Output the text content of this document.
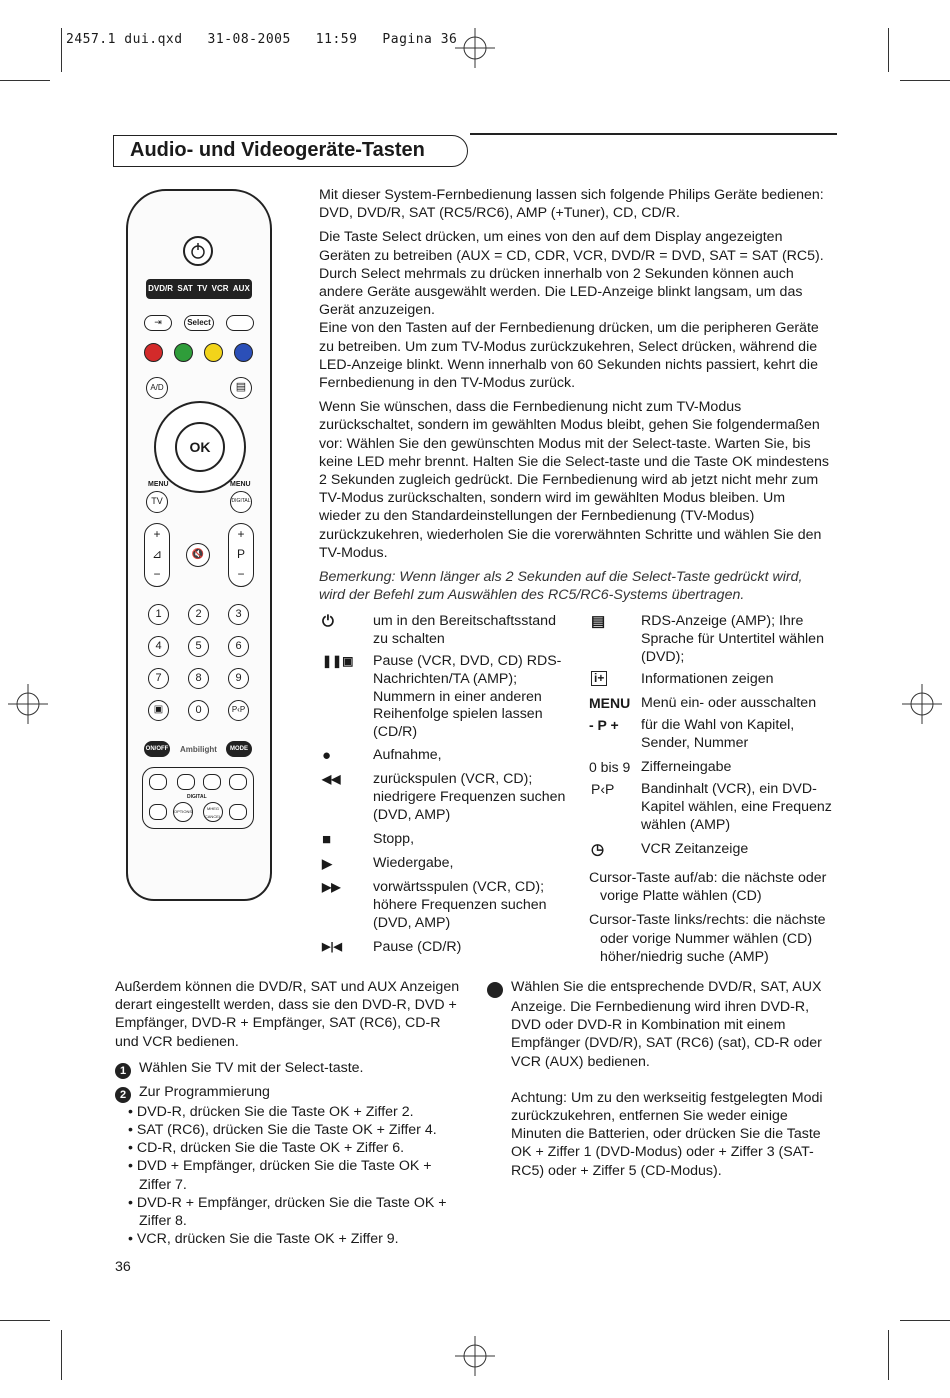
2457.1 dui.qxd   31-08-2005   11:59   Pagina 36
Audio- und Videogeräte-Tasten
DVD/R SAT TV VCR AUX
⇥	Select
A/D	▤
OK
MENU	MENU
TV	DIGITAL
+
⊿
−
🔇
+
P
−
1	2	3
4	5	6
7	8	9
▣	0	P‹P
ON/OFF Ambilight	MODE
DIGITAL
OPTIONS
MHEG CANCEL

Mit dieser System-Fernbedienung lassen sich folgende Philips Geräte bedienen: DVD, DVD/R, SAT (RC5/RC6), AMP (+Tuner), CD, CD/R.

Die Taste Select drücken, um eines von den auf dem Display angezeigten Geräten zu betreiben (AUX = CD, CDR, VCR, DVD/R = DVD, SAT = SAT (RC5). Durch Select mehrmals zu drücken innerhalb von 2 Sekunden können auch andere Geräte ausgewählt werden. Die LED-Anzeige blinkt langsam, um das Gerät anzuzeigen.

Eine von den Tasten auf der Fernbedienung drücken, um die peripheren Geräte zu betreiben. Um zum TV-Modus zurückzukehren, Select drücken, während die LED-Anzeige blinkt. Wenn innerhalb von 60 Sekunden nichts passiert, kehrt die Fernbedienung in den TV-Modus zurück.

Wenn Sie wünschen, dass die Fernbedienung nicht zum TV-Modus zurückschaltet, sondern im gewählten Modus bleibt, gehen Sie folgendermaßen vor: Wählen Sie den gewünschten Modus mit der Select-taste. Warten Sie, bis keine LED mehr brennt. Halten Sie die Select-taste und die Taste OK mindestens 2 Sekunden zugleich gedrückt. Die Fernbedienung wird ab jetzt nicht mehr zum TV-Modus zurückschalten, sondern wird im gewählten Modus bleiben. Um wieder zu den Standardeinstellungen der Fernbedienung (TV-Modus) zurückzukehren, wiederholen Sie die vorerwähnten Schritte und wählen Sie den TV-Modus.

Bemerkung: Wenn länger als 2 Sekunden auf die Select-Taste gedrückt wird, wird der Befehl zum Auswählen des RC5/RC6-Systems übertragen.

⏻	um in den Bereitschaftsstand zu schalten
❚❚▣ Pause (VCR, DVD, CD) RDS-Nachrichten/TA (AMP); Nummern in einer anderen Reihenfolge spielen lassen (CD/R)
●	Aufnahme,
◀◀ zurückspulen (VCR, CD); niedrigere Frequenzen suchen (DVD, AMP)
■	Stopp,
▶	Wiedergabe,
▶▶ vorwärtsspulen (VCR, CD); höhere Frequenzen suchen (DVD, AMP)
▶|◀ Pause (CD/R)
▤	RDS-Anzeige (AMP); Ihre Sprache für Untertitel wählen (DVD);
i+	Informationen zeigen
MENU Menü ein- oder ausschalten
- P + für die Wahl von Kapitel, Sender, Nummer
0 bis 9 Zifferneingabe
P‹P Bandinhalt (VCR), ein DVD-Kapitel wählen, eine Frequenz wählen (AMP)
◷	VCR Zeitanzeige

Cursor-Taste auf/ab: die nächste oder vorige Platte wählen (CD)

Cursor-Taste links/rechts: die nächste oder vorige Nummer wählen (CD) höher/niedrig suche (AMP)

Außerdem können die DVD/R, SAT und AUX Anzeigen derart eingestellt werden, dass sie den DVD-R, DVD + Empfänger, DVD-R + Empfänger, SAT (RC6), CD-R und VCR bedienen.

1 Wählen Sie TV mit der Select-taste.

2 Zur Programmierung

• DVD-R, drücken Sie die Taste OK + Ziffer 2.
• SAT (RC6), drücken Sie die Taste OK + Ziffer 4.
• CD-R, drücken Sie die Taste OK + Ziffer 6.
• DVD + Empfänger, drücken Sie die Taste OK + Ziffer 7.
• DVD-R + Empfänger, drücken Sie die Taste OK + Ziffer 8.
• VCR, drücken Sie die Taste OK + Ziffer 9.

3 Wählen Sie die entsprechende DVD/R, SAT, AUX Anzeige. Die Fernbedienung wird ihren DVD-R, DVD oder DVD-R in Kombination mit einem Empfänger (DVD/R), SAT (RC6) (sat), CD-R oder VCR (AUX) bedienen.

Achtung: Um zu den werkseitig festgelegten Modi zurückzukehren, entfernen Sie weder einige Minuten die Batterien, oder drücken Sie die Taste OK + Ziffer 1 (DVD-Modus) oder + Ziffer 3 (SAT-RC5) oder + Ziffer 5 (CD-Modus).

36
